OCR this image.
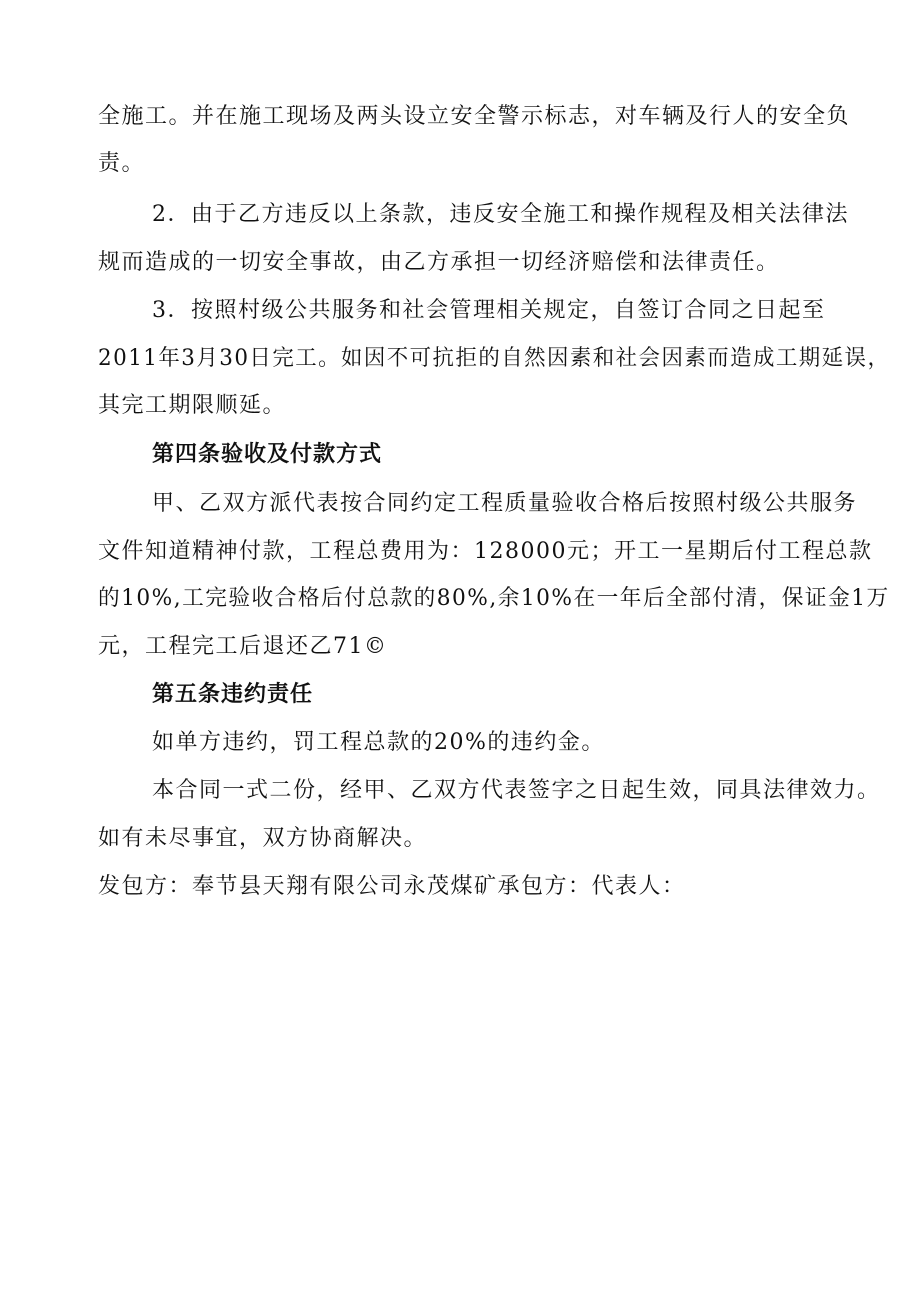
全施工。并在施工现场及两头设立安全警示标志，对车辆及行人的安全负
责。
2．由于乙方违反以上条款，违反安全施工和操作规程及相关法律法
规而造成的一切安全事故，由乙方承担一切经济赔偿和法律责任。
3．按照村级公共服务和社会管理相关规定，自签订合同之日起至
2011年3月30日完工。如因不可抗拒的自然因素和社会因素而造成工期延误，
其完工期限顺延。
第四条验收及付款方式
甲、乙双方派代表按合同约定工程质量验收合格后按照村级公共服务
文件知道精神付款，工程总费用为：128000元；开工一星期后付工程总款
的10%,工完验收合格后付总款的80%,余10%在一年后全部付清，保证金1万
元，工程完工后退还乙71©
第五条违约责任
如单方违约，罚工程总款的20%的违约金。
本合同一式二份，经甲、乙双方代表签字之日起生效，同具法律效力。
如有未尽事宜，双方协商解决。
发包方：奉节县天翔有限公司永茂煤矿承包方：代表人：
